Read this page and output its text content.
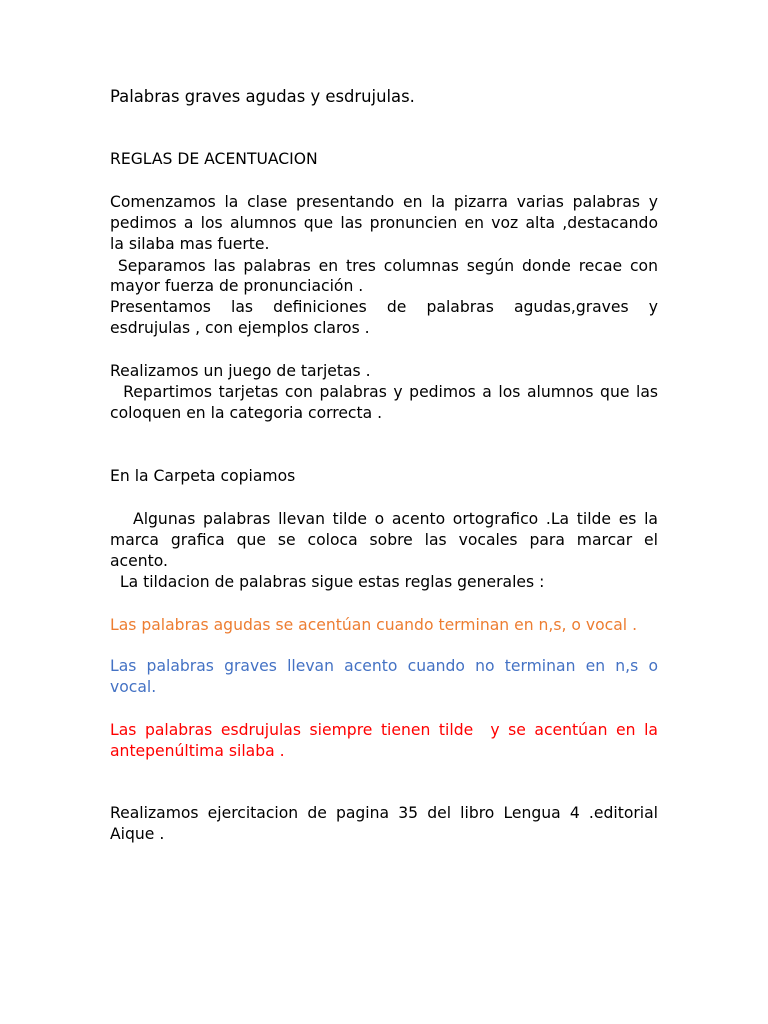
Palabras graves agudas y esdrujulas.
REGLAS DE ACENTUACION
Comenzamos la clase presentando en la pizarra varias palabras y
pedimos a los alumnos que las pronuncien en voz alta ,destacando
la silaba mas fuerte.
Separamos las palabras en tres columnas según donde recae con
mayor fuerza de pronunciación .
Presentamos las definiciones de palabras agudas,graves y
esdrujulas , con ejemplos claros .
Realizamos un juego de tarjetas .
Repartimos tarjetas con palabras y pedimos a los alumnos que las
coloquen en la categoria correcta .
En la Carpeta copiamos
Algunas palabras llevan tilde o acento ortografico .La tilde es la
marca grafica que se coloca sobre las vocales para marcar el
acento.
La tildacion de palabras sigue estas reglas generales :
Las palabras agudas se acentúan cuando terminan en n,s, o vocal .
Las palabras graves llevan acento cuando no terminan en n,s o
vocal.
Las palabras esdrujulas siempre tienen tilde  y se acentúan en la
antepenúltima silaba .
Realizamos ejercitacion de pagina 35 del libro Lengua 4 .editorial
Aique .
